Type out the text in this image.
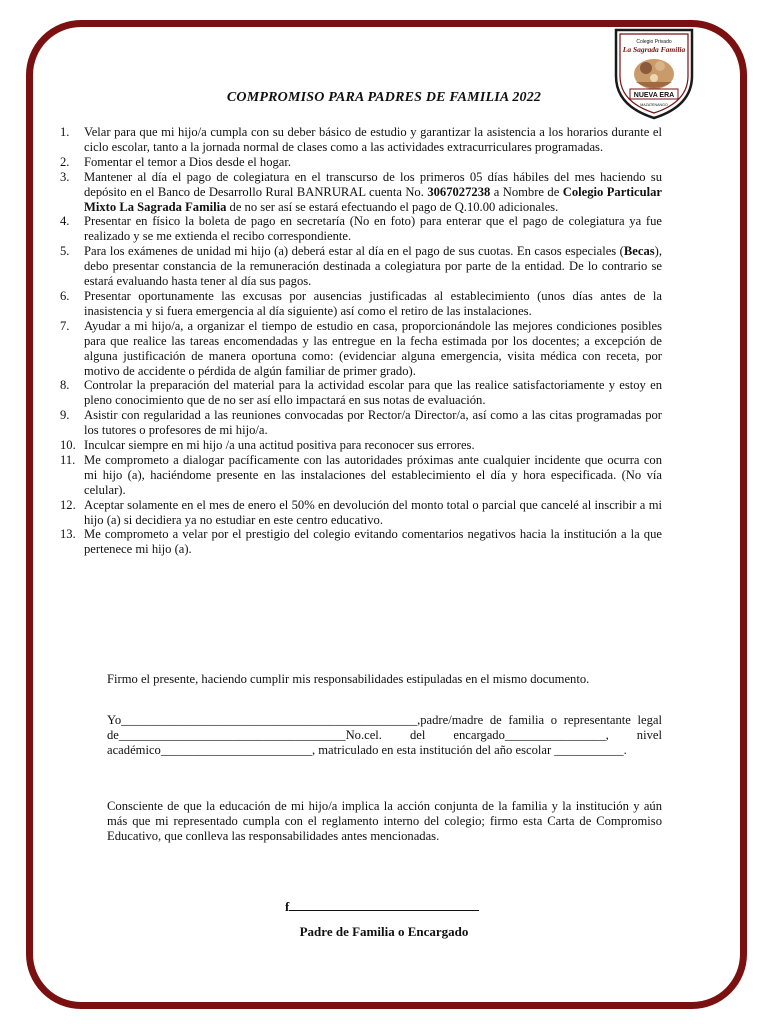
Colegio Privado
La Sagrada Familia
NUEVA ERA
MAZATENANGO
COMPROMISO PARA PADRES DE FAMILIA 2022
1.	Velar para que mi hijo/a cumpla con su deber básico de estudio y garantizar la asistencia a los horarios durante el ciclo escolar, tanto a la jornada normal de clases como a las actividades extracurriculares programadas.
2.	Fomentar el temor a Dios desde el hogar.
3.	Mantener al día el pago de colegiatura en el transcurso de los primeros 05 días hábiles del mes haciendo su depósito en el Banco de Desarrollo Rural BANRURAL cuenta No. 3067027238 a Nombre de Colegio Particular Mixto La Sagrada Familia de no ser así se estará efectuando el pago de Q.10.00 adicionales.
4.	Presentar en físico la boleta de pago en secretaría (No en foto) para enterar que el pago de colegiatura ya fue realizado y se me extienda el recibo correspondiente.
5.	Para los exámenes de unidad mi hijo (a) deberá estar al día en el pago de sus cuotas. En casos especiales (Becas), debo presentar constancia de la remuneración destinada a colegiatura por parte de la entidad. De lo contrario se estará evaluando hasta tener al día sus pagos.
6.	Presentar oportunamente las excusas por ausencias justificadas al establecimiento (unos días antes de la inasistencia y si fuera emergencia al día siguiente) así como el retiro de las instalaciones.
7.	Ayudar a mi hijo/a, a organizar el tiempo de estudio en casa, proporcionándole las mejores condiciones posibles para que realice las tareas encomendadas y las entregue en la fecha estimada por los docentes; a excepción de alguna justificación de manera oportuna como: (evidenciar alguna emergencia, visita médica con receta, por motivo de accidente o pérdida de algún familiar de primer grado).
8.	Controlar la preparación del material para la actividad escolar para que las realice satisfactoriamente y estoy en pleno conocimiento que de no ser así ello impactará en sus notas de evaluación.
9.	Asistir con regularidad a las reuniones convocadas por Rector/a Director/a, así como a las citas programadas por los tutores o profesores de mi hijo/a.
10. Inculcar siempre en mi hijo /a una actitud positiva para reconocer sus errores.
11. Me comprometo a dialogar pacíficamente con las autoridades próximas ante cualquier incidente que ocurra con mi hijo (a), haciéndome presente en las instalaciones del establecimiento el día y hora especificada. (No vía celular).
12. Aceptar solamente en el mes de enero el 50% en devolución del monto total o parcial que cancelé al inscribir a mi hijo (a) si decidiera ya no estudiar en este centro educativo.
13. Me comprometo a velar por el prestigio del colegio evitando comentarios negativos hacia la institución a la que pertenece mi hijo (a).

Firmo el presente, haciendo cumplir mis responsabilidades estipuladas en el mismo documento.

Yo_______________________________________________,padre/madre de familia o representante legal de____________________________________No.cel. del encargado________________, nivel académico________________________, matriculado en esta institución del año escolar ___________.

Consciente de que la educación de mi hijo/a implica la acción conjunta de la familia y la institución y aún más que mi representado cumpla con el reglamento interno del colegio; firmo esta Carta de Compromiso Educativo, que conlleva las responsabilidades antes mencionadas.

f
Padre de Familia o Encargado
